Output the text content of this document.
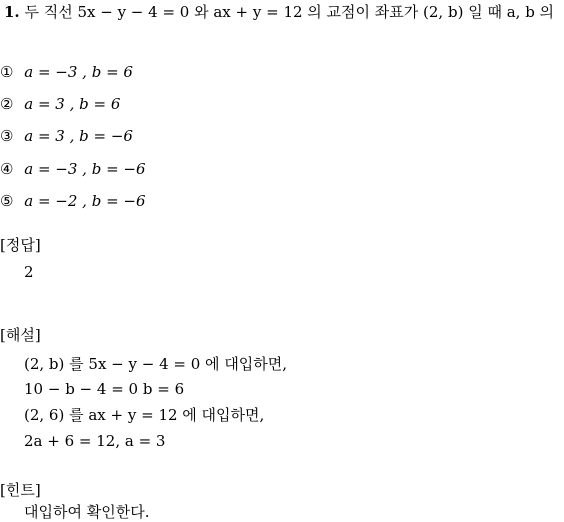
1. 두 직선 5x − y − 4 = 0 와 ax + y = 12 의 교점이 좌표가 (2, b) 일 때 a, b 의
① a = −3 , b = 6
② a = 3 , b = 6
③ a = 3 , b = −6
④ a = −3 , b = −6
⑤ a = −2 , b = −6
[정답]
2
[해설]
(2, b) 를 5x − y − 4 = 0 에 대입하면,
10 − b − 4 = 0 b = 6
(2, 6) 를 ax + y = 12 에 대입하면,
2a + 6 = 12, a = 3
[힌트]
대입하여 확인한다.
